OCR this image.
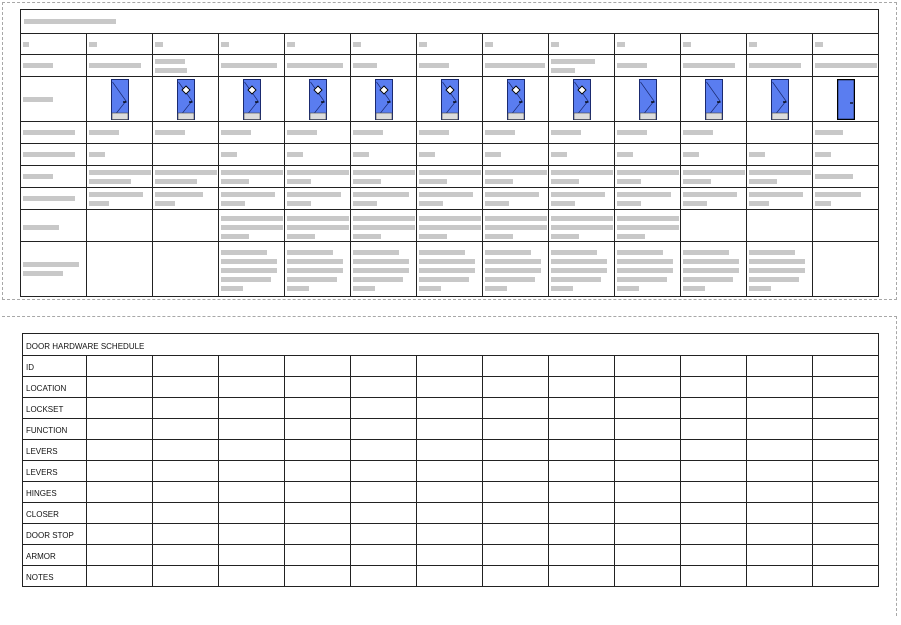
DOOR HARDWARE SCHEDULE												
ID												
LOCATION												
LOCKSET												
FUNCTION												
LEVERS												
LEVERS												
HINGES												
CLOSER												
DOOR STOP												
ARMOR												
NOTES												
